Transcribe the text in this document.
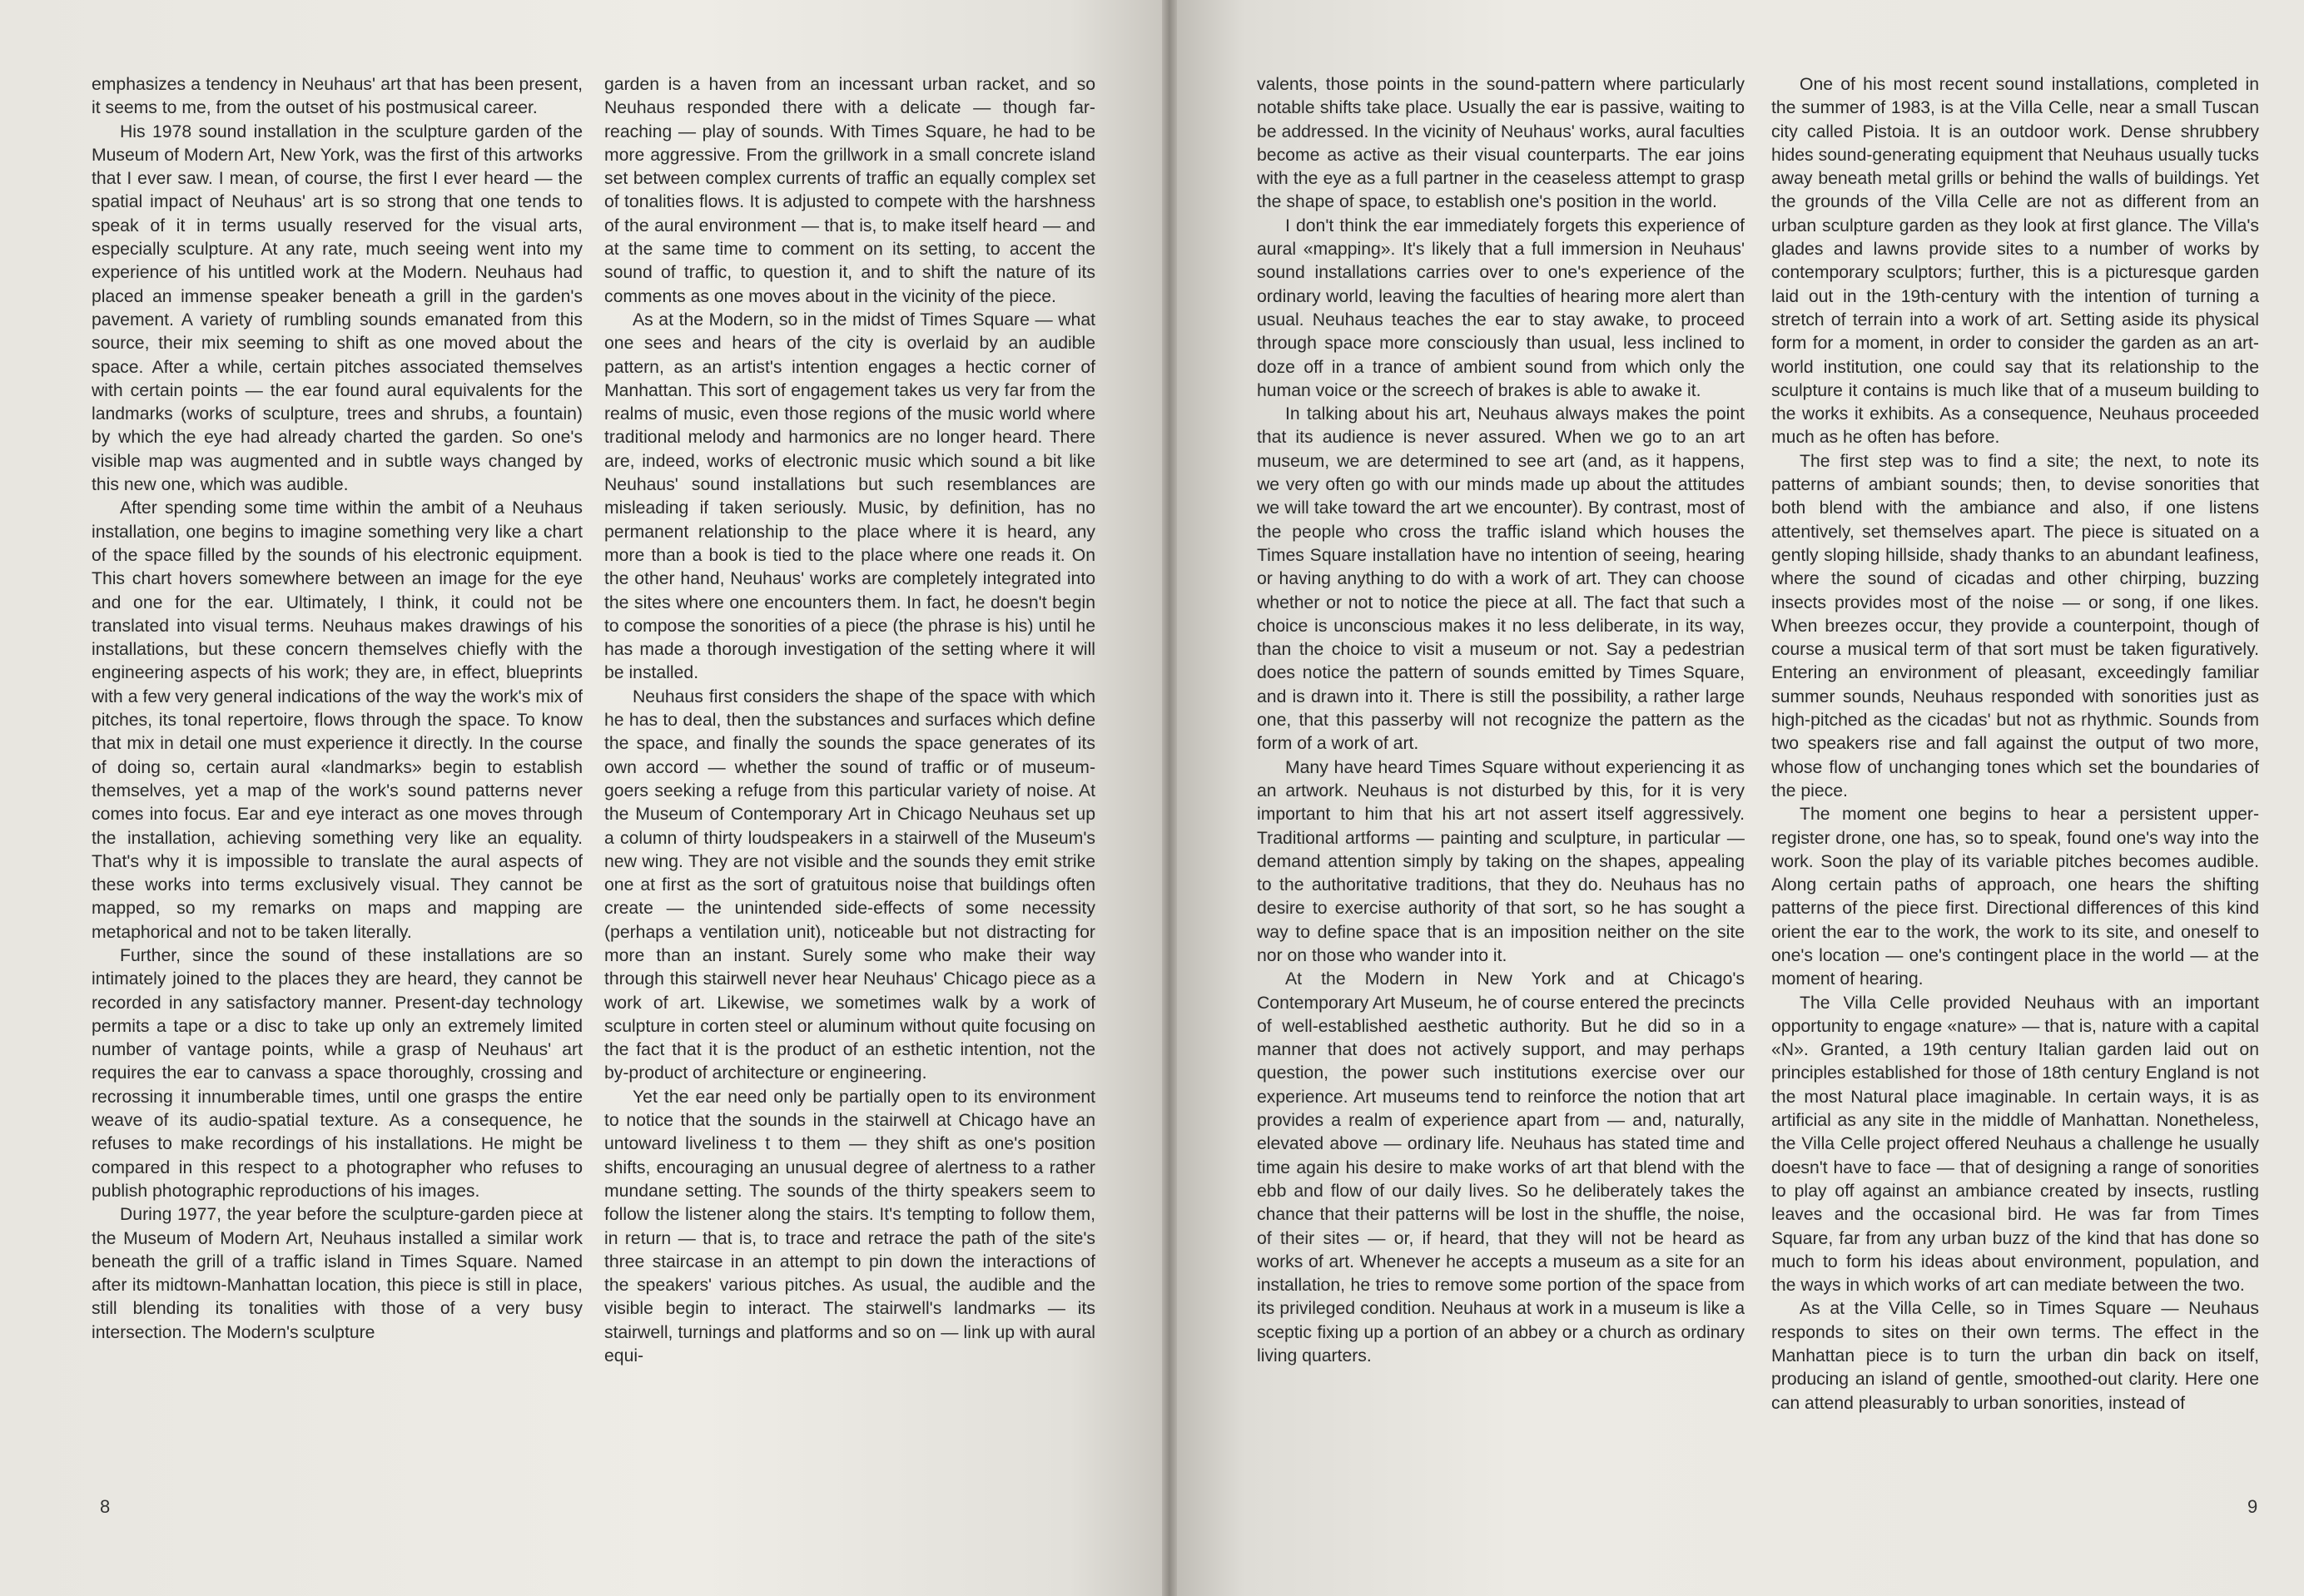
emphasizes a tendency in Neuhaus' art that has been present, it seems to me, from the outset of his postmusical career.

His 1978 sound installation in the sculpture garden of the Museum of Modern Art, New York, was the first of this artworks that I ever saw. I mean, of course, the first I ever heard — the spatial impact of Neuhaus' art is so strong that one tends to speak of it in terms usually reserved for the visual arts, especially sculpture. At any rate, much seeing went into my experience of his untitled work at the Modern. Neuhaus had placed an immense speaker beneath a grill in the garden's pavement. A variety of rumbling sounds emanated from this source, their mix seeming to shift as one moved about the space. After a while, certain pitches associated themselves with certain points — the ear found aural equivalents for the landmarks (works of sculpture, trees and shrubs, a fountain) by which the eye had already charted the garden. So one's visible map was augmented and in subtle ways changed by this new one, which was audible.

After spending some time within the ambit of a Neuhaus installation, one begins to imagine something very like a chart of the space filled by the sounds of his electronic equipment. This chart hovers somewhere between an image for the eye and one for the ear. Ultimately, I think, it could not be translated into visual terms. Neuhaus makes drawings of his installations, but these concern themselves chiefly with the engineering aspects of his work; they are, in effect, blueprints with a few very general indications of the way the work's mix of pitches, its tonal repertoire, flows through the space. To know that mix in detail one must experience it directly. In the course of doing so, certain aural «landmarks» begin to establish themselves, yet a map of the work's sound patterns never comes into focus. Ear and eye interact as one moves through the installation, achieving something very like an equality. That's why it is impossible to translate the aural aspects of these works into terms exclusively visual. They cannot be mapped, so my remarks on maps and mapping are metaphorical and not to be taken literally.

Further, since the sound of these installations are so intimately joined to the places they are heard, they cannot be recorded in any satisfactory manner. Present-day technology permits a tape or a disc to take up only an extremely limited number of vantage points, while a grasp of Neuhaus' art requires the ear to canvass a space thoroughly, crossing and recrossing it innumberable times, until one grasps the entire weave of its audio-spatial texture. As a consequence, he refuses to make recordings of his installations. He might be compared in this respect to a photographer who refuses to publish photographic reproductions of his images.

During 1977, the year before the sculpture-garden piece at the Museum of Modern Art, Neuhaus installed a similar work beneath the grill of a traffic island in Times Square. Named after its midtown-Manhattan location, this piece is still in place, still blending its tonalities with those of a very busy intersection. The Modern's sculpture

garden is a haven from an incessant urban racket, and so Neuhaus responded there with a delicate — though far-reaching — play of sounds. With Times Square, he had to be more aggressive. From the grillwork in a small concrete island set between complex currents of traffic an equally complex set of tonalities flows. It is adjusted to compete with the harshness of the aural environment — that is, to make itself heard — and at the same time to comment on its setting, to accent the sound of traffic, to question it, and to shift the nature of its comments as one moves about in the vicinity of the piece.

As at the Modern, so in the midst of Times Square — what one sees and hears of the city is overlaid by an audible pattern, as an artist's intention engages a hectic corner of Manhattan. This sort of engagement takes us very far from the realms of music, even those regions of the music world where traditional melody and harmonics are no longer heard. There are, indeed, works of electronic music which sound a bit like Neuhaus' sound installations but such resemblances are misleading if taken seriously. Music, by definition, has no permanent relationship to the place where it is heard, any more than a book is tied to the place where one reads it. On the other hand, Neuhaus' works are completely integrated into the sites where one encounters them. In fact, he doesn't begin to compose the sonorities of a piece (the phrase is his) until he has made a thorough investigation of the setting where it will be installed.

Neuhaus first considers the shape of the space with which he has to deal, then the substances and surfaces which define the space, and finally the sounds the space generates of its own accord — whether the sound of traffic or of museum-goers seeking a refuge from this particular variety of noise. At the Museum of Contemporary Art in Chicago Neuhaus set up a column of thirty loudspeakers in a stairwell of the Museum's new wing. They are not visible and the sounds they emit strike one at first as the sort of gratuitous noise that buildings often create — the unintended side-effects of some necessity (perhaps a ventilation unit), noticeable but not distracting for more than an instant. Surely some who make their way through this stairwell never hear Neuhaus' Chicago piece as a work of art. Likewise, we sometimes walk by a work of sculpture in corten steel or aluminum without quite focusing on the fact that it is the product of an esthetic intention, not the by-product of architecture or engineering.

Yet the ear need only be partially open to its environment to notice that the sounds in the stairwell at Chicago have an untoward liveliness t to them — they shift as one's position shifts, encouraging an unusual degree of alertness to a rather mundane setting. The sounds of the thirty speakers seem to follow the listener along the stairs. It's tempting to follow them, in return — that is, to trace and retrace the path of the site's three staircase in an attempt to pin down the interactions of the speakers' various pitches. As usual, the audible and the visible begin to interact. The stairwell's landmarks — its stairwell, turnings and platforms and so on — link up with aural equi-

valents, those points in the sound-pattern where particularly notable shifts take place. Usually the ear is passive, waiting to be addressed. In the vicinity of Neuhaus' works, aural faculties become as active as their visual counterparts. The ear joins with the eye as a full partner in the ceaseless attempt to grasp the shape of space, to establish one's position in the world.

I don't think the ear immediately forgets this experience of aural «mapping». It's likely that a full immersion in Neuhaus' sound installations carries over to one's experience of the ordinary world, leaving the faculties of hearing more alert than usual. Neuhaus teaches the ear to stay awake, to proceed through space more consciously than usual, less inclined to doze off in a trance of ambient sound from which only the human voice or the screech of brakes is able to awake it.

In talking about his art, Neuhaus always makes the point that its audience is never assured. When we go to an art museum, we are determined to see art (and, as it happens, we very often go with our minds made up about the attitudes we will take toward the art we encounter). By contrast, most of the people who cross the traffic island which houses the Times Square installation have no intention of seeing, hearing or having anything to do with a work of art. They can choose whether or not to notice the piece at all. The fact that such a choice is unconscious makes it no less deliberate, in its way, than the choice to visit a museum or not. Say a pedestrian does notice the pattern of sounds emitted by Times Square, and is drawn into it. There is still the possibility, a rather large one, that this passerby will not recognize the pattern as the form of a work of art.

Many have heard Times Square without experiencing it as an artwork. Neuhaus is not disturbed by this, for it is very important to him that his art not assert itself aggressively. Traditional artforms — painting and sculpture, in particular — demand attention simply by taking on the shapes, appealing to the authoritative traditions, that they do. Neuhaus has no desire to exercise authority of that sort, so he has sought a way to define space that is an imposition neither on the site nor on those who wander into it.

At the Modern in New York and at Chicago's Contemporary Art Museum, he of course entered the precincts of well-established aesthetic authority. But he did so in a manner that does not actively support, and may perhaps question, the power such institutions exercise over our experience. Art museums tend to reinforce the notion that art provides a realm of experience apart from — and, naturally, elevated above — ordinary life. Neuhaus has stated time and time again his desire to make works of art that blend with the ebb and flow of our daily lives. So he deliberately takes the chance that their patterns will be lost in the shuffle, the noise, of their sites — or, if heard, that they will not be heard as works of art. Whenever he accepts a museum as a site for an installation, he tries to remove some portion of the space from its privileged condition. Neuhaus at work in a museum is like a sceptic fixing up a portion of an abbey or a church as ordinary living quarters.

One of his most recent sound installations, completed in the summer of 1983, is at the Villa Celle, near a small Tuscan city called Pistoia. It is an outdoor work. Dense shrubbery hides sound-generating equipment that Neuhaus usually tucks away beneath metal grills or behind the walls of buildings. Yet the grounds of the Villa Celle are not as different from an urban sculpture garden as they look at first glance. The Villa's glades and lawns provide sites to a number of works by contemporary sculptors; further, this is a picturesque garden laid out in the 19th-century with the intention of turning a stretch of terrain into a work of art. Setting aside its physical form for a moment, in order to consider the garden as an art-world institution, one could say that its relationship to the sculpture it contains is much like that of a museum building to the works it exhibits. As a consequence, Neuhaus proceeded much as he often has before.

The first step was to find a site; the next, to note its patterns of ambiant sounds; then, to devise sonorities that both blend with the ambiance and also, if one listens attentively, set themselves apart. The piece is situated on a gently sloping hillside, shady thanks to an abundant leafiness, where the sound of cicadas and other chirping, buzzing insects provides most of the noise — or song, if one likes. When breezes occur, they provide a counterpoint, though of course a musical term of that sort must be taken figuratively. Entering an environment of pleasant, exceedingly familiar summer sounds, Neuhaus responded with sonorities just as high-pitched as the cicadas' but not as rhythmic. Sounds from two speakers rise and fall against the output of two more, whose flow of unchanging tones which set the boundaries of the piece.

The moment one begins to hear a persistent upper-register drone, one has, so to speak, found one's way into the work. Soon the play of its variable pitches becomes audible. Along certain paths of approach, one hears the shifting patterns of the piece first. Directional differences of this kind orient the ear to the work, the work to its site, and oneself to one's location — one's contingent place in the world — at the moment of hearing.

The Villa Celle provided Neuhaus with an important opportunity to engage «nature» — that is, nature with a capital «N». Granted, a 19th century Italian garden laid out on principles established for those of 18th century England is not the most Natural place imaginable. In certain ways, it is as artificial as any site in the middle of Manhattan. Nonetheless, the Villa Celle project offered Neuhaus a challenge he usually doesn't have to face — that of designing a range of sonorities to play off against an ambiance created by insects, rustling leaves and the occasional bird. He was far from Times Square, far from any urban buzz of the kind that has done so much to form his ideas about environment, population, and the ways in which works of art can mediate between the two.

As at the Villa Celle, so in Times Square — Neuhaus responds to sites on their own terms. The effect in the Manhattan piece is to turn the urban din back on itself, producing an island of gentle, smoothed-out clarity. Here one can attend pleasurably to urban sonorities, instead of

8	9
